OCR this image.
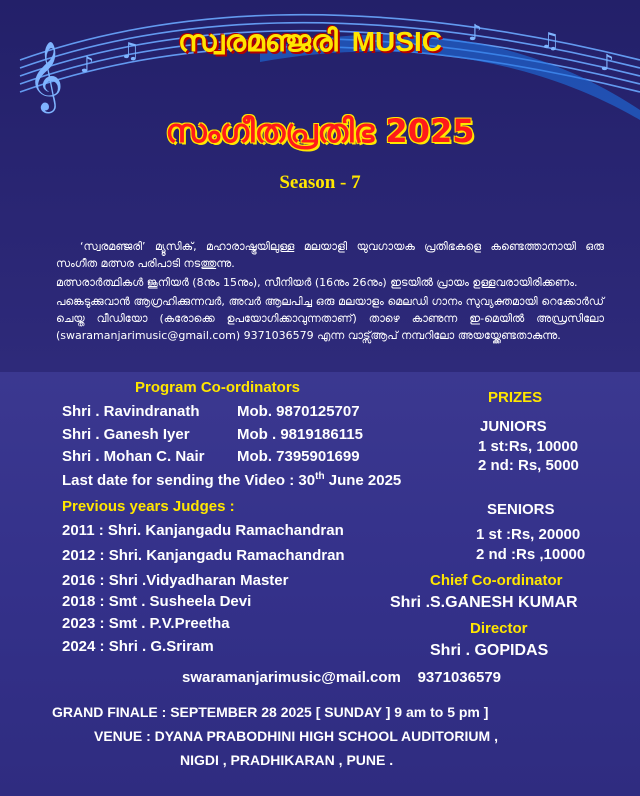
𝄞 ♪
♫
♪	♫
♪
സ്വരമഞ്ജരി MUSIC
സംഗീതപ്രതിഭ 2025
Season - 7

‘സ്വരമഞ്ജരി’ മ്യൂസിക്, മഹാരാഷ്ട്രയിലുള്ള മലയാളി യുവഗായക പ്രതിഭകളെ കണ്ടെത്താനായി ഒരു സംഗീത മത്സര പരിപാടി നടത്തുന്നു.

മത്സരാർത്ഥികൾ ജൂനിയർ (8നും 15നും), സീനിയർ (16നും 26നും) ഇടയിൽ പ്രായം ഉള്ളവരായിരിക്കണം.

പങ്കെടുക്കുവാൻ ആഗ്രഹിക്കുന്നവർ, അവർ ആലപിച്ച ഒരു മലയാളം മെലഡി ഗാനം സുവ്യക്തമായി റെക്കോർഡ് ചെയ്ത വീഡിയോ (കരോക്കെ ഉപയോഗിക്കാവുന്നതാണ്) താഴെ കാണുന്ന ഇ-മെയിൽ അഡ്രസിലോ (swaramanjarimusic@gmail.com) 9371036579 എന്ന വാട്സ്ആപ് നമ്പറിലോ അയയ്ക്കേണ്ടതാകുന്നു.

Program Co-ordinators
Shri . Ravindranath Mob. 9870125707
Shri . Ganesh Iyer	Mob . 9819186115
Shri . Mohan C. Nair Mob. 7395901699
Last date for sending the Video : 30th June 2025
Previous years Judges :
2011 : Shri. Kanjangadu Ramachandran
2012 : Shri. Kanjangadu Ramachandran
2016 : Shri .Vidyadharan Master
2018 : Smt . Susheela Devi
2023 : Smt . P.V.Preetha
2024 : Shri . G.Sriram
PRIZES
JUNIORS
1 st:Rs, 10000
2 nd: Rs, 5000
SENIORS
1 st :Rs, 20000
2 nd :Rs ,10000
Chief Co-ordinator
Shri .S.GANESH KUMAR
Director
Shri . GOPIDAS
swaramanjarimusic@mail.com 9371036579
GRAND FINALE : SEPTEMBER 28 2025 [ SUNDAY ] 9 am to 5 pm ]
VENUE : DYANA PRABODHINI HIGH SCHOOL AUDITORIUM ,
NIGDI , PRADHIKARAN , PUNE .
